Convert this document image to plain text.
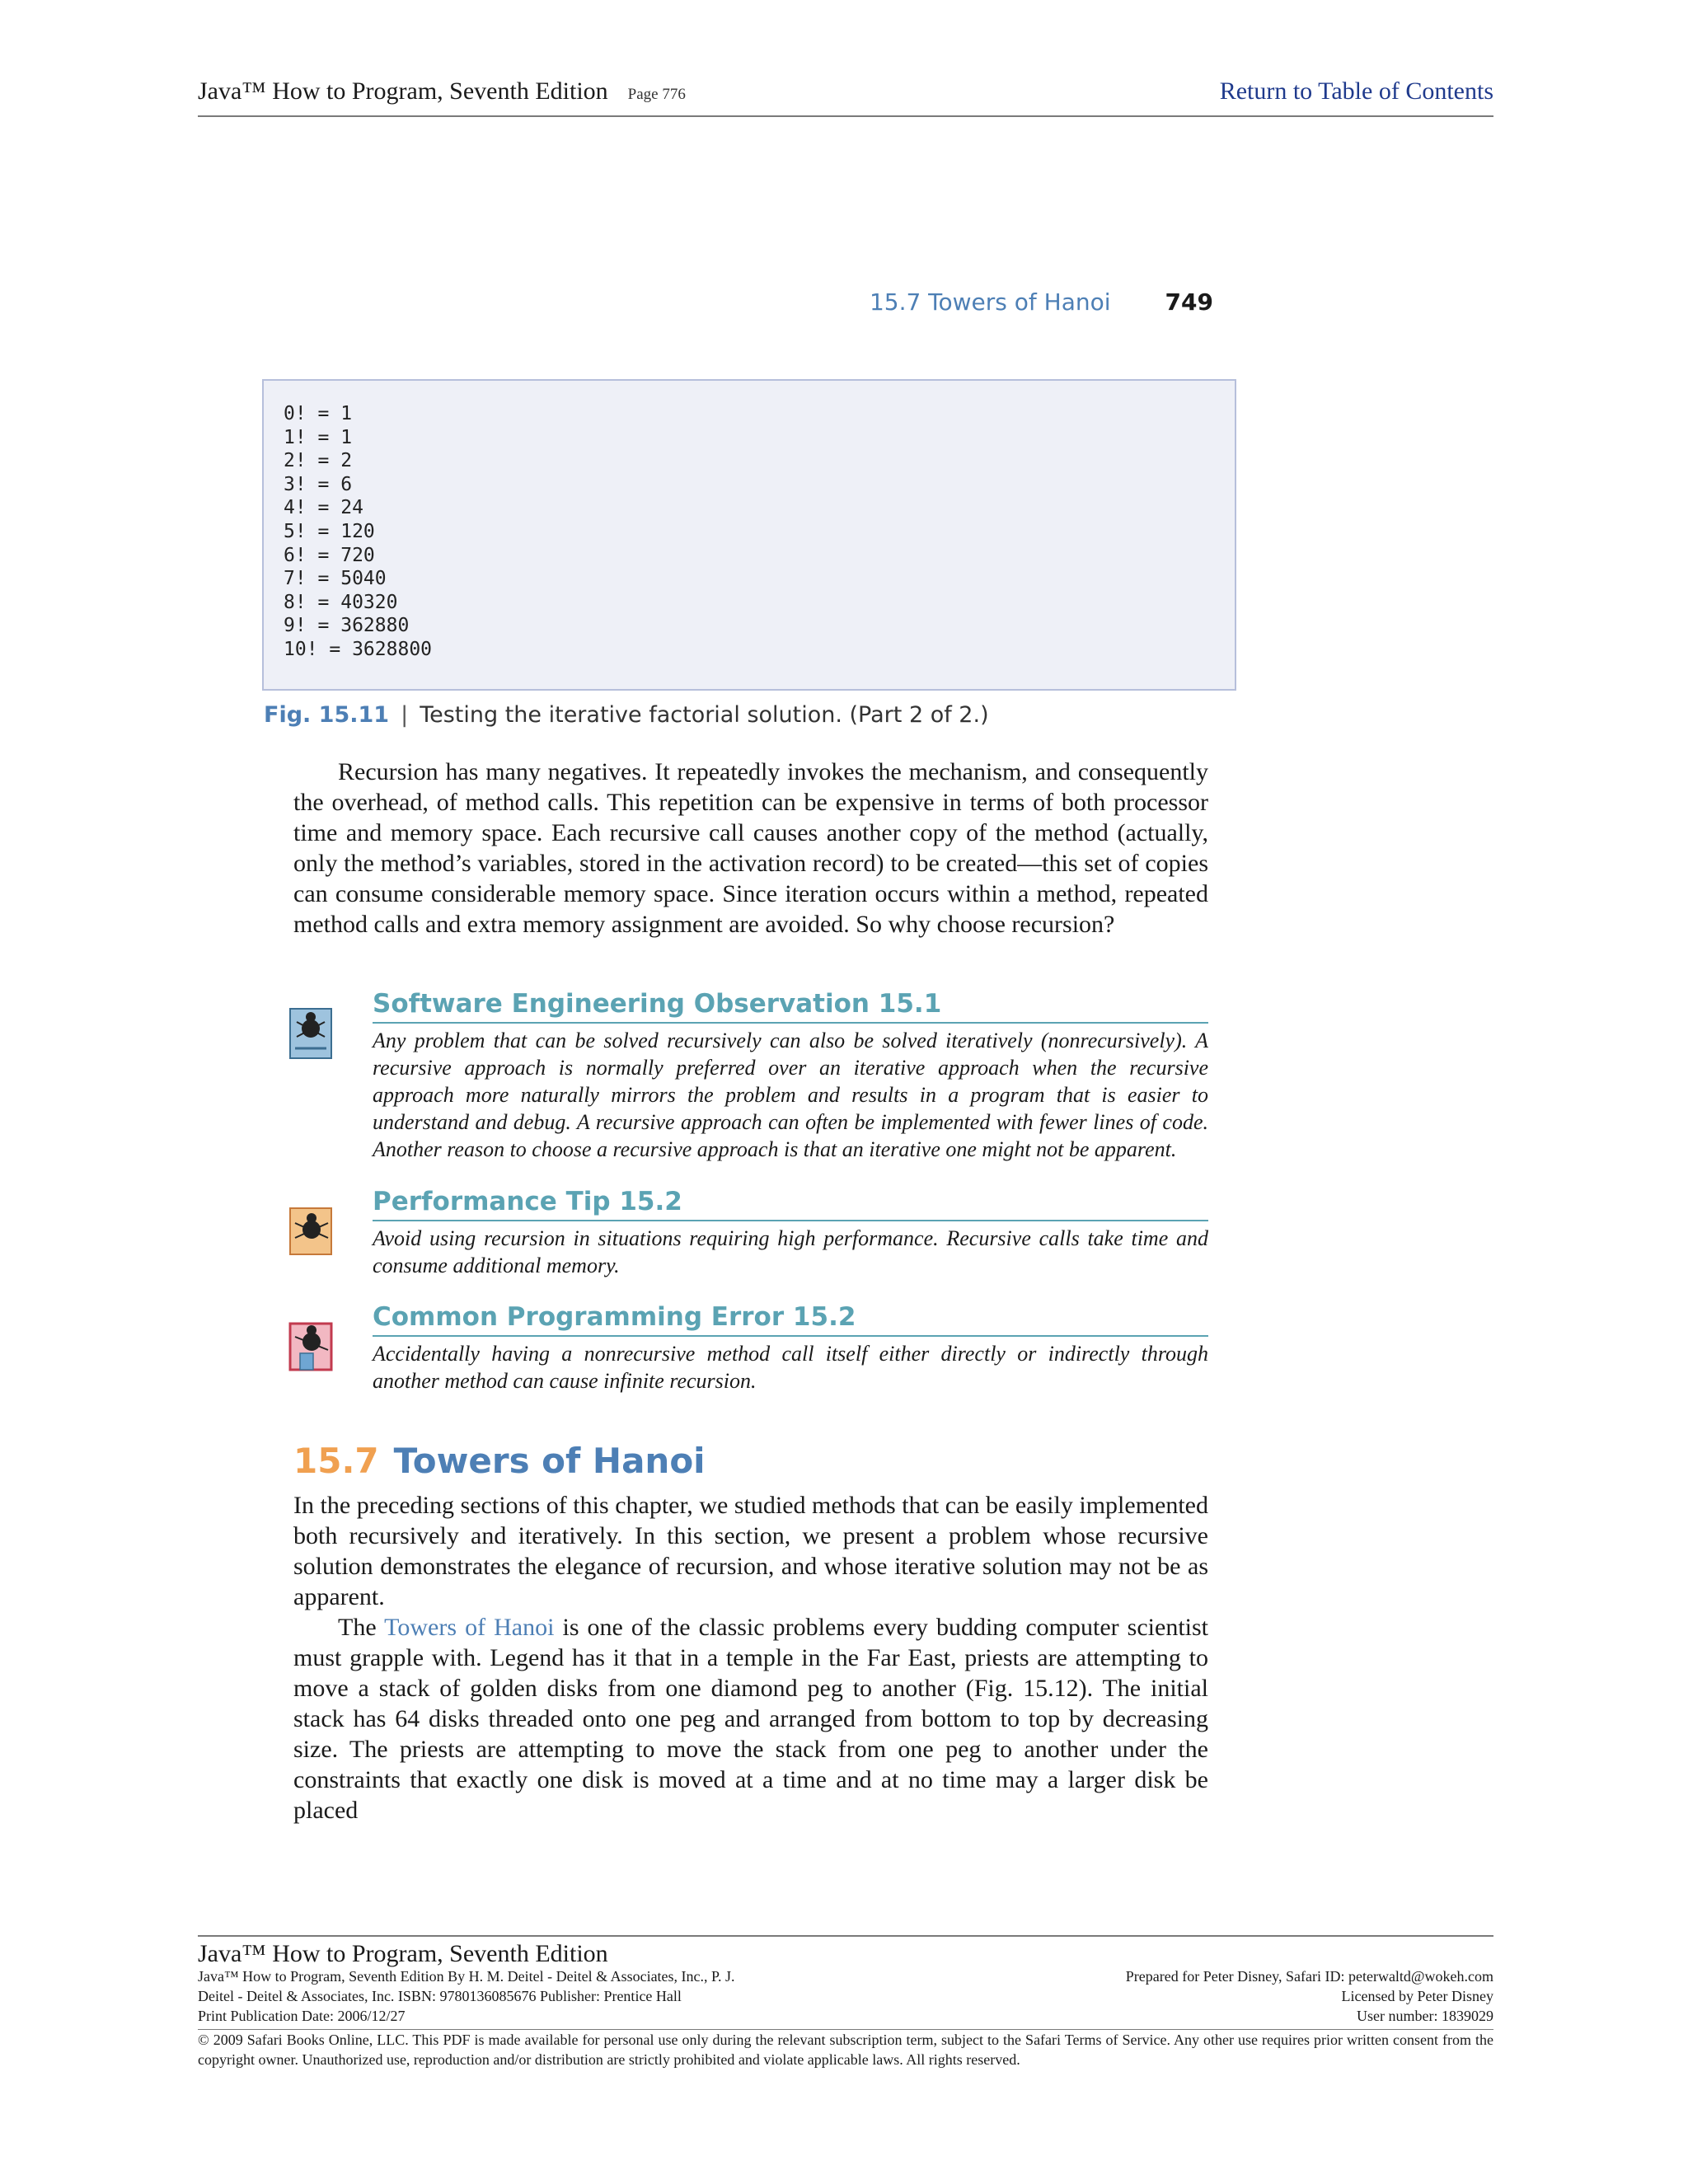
Java™ How to Program, Seventh Edition Page 776	Return to Table of Contents
15.7 Towers of Hanoi 749
0! = 1
1! = 1
2! = 2
3! = 6
4! = 24
5! = 120
6! = 720
7! = 5040
8! = 40320
9! = 362880
10! = 3628800
Fig. 15.11 | Testing the iterative factorial solution. (Part 2 of 2.)
Recursion has many negatives. It repeatedly invokes the mechanism, and consequently the overhead, of method calls. This repetition can be expensive in terms of both processor time and memory space. Each recursive call causes another copy of the method (actually, only the method’s variables, stored in the activation record) to be created—this set of copies can consume considerable memory space. Since iteration occurs within a method, repeated method calls and extra memory assignment are avoided. So why choose recursion?
Software Engineering Observation 15.1
Any problem that can be solved recursively can also be solved iteratively (nonrecursively). A recursive approach is normally preferred over an iterative approach when the recursive approach more naturally mirrors the problem and results in a program that is easier to understand and debug. A recursive approach can often be implemented with fewer lines of code. Another reason to choose a recursive approach is that an iterative one might not be apparent.
Performance Tip 15.2
Avoid using recursion in situations requiring high performance. Recursive calls take time and consume additional memory.
Common Programming Error 15.2
Accidentally having a nonrecursive method call itself either directly or indirectly through another method can cause infinite recursion.
15.7 Towers of Hanoi
In the preceding sections of this chapter, we studied methods that can be easily implemented both recursively and iteratively. In this section, we present a problem whose recursive solution demonstrates the elegance of recursion, and whose iterative solution may not be as apparent.
The Towers of Hanoi is one of the classic problems every budding computer scientist must grapple with. Legend has it that in a temple in the Far East, priests are attempting to move a stack of golden disks from one diamond peg to another (Fig. 15.12). The initial stack has 64 disks threaded onto one peg and arranged from bottom to top by decreasing size. The priests are attempting to move the stack from one peg to another under the constraints that exactly one disk is moved at a time and at no time may a larger disk be placed
Java™ How to Program, Seventh Edition
Java™ How to Program, Seventh Edition By H. M. Deitel - Deitel & Associates, Inc., P. J.	Prepared for Peter Disney, Safari ID: peterwaltd@wokeh.com
Deitel - Deitel & Associates, Inc. ISBN: 9780136085676 Publisher: Prentice Hall	Licensed by Peter Disney
Print Publication Date: 2006/12/27	User number: 1839029
© 2009 Safari Books Online, LLC. This PDF is made available for personal use only during the relevant subscription term, subject to the Safari Terms of Service. Any other use requires prior written consent from the copyright owner. Unauthorized use, reproduction and/or distribution are strictly prohibited and violate applicable laws. All rights reserved.
